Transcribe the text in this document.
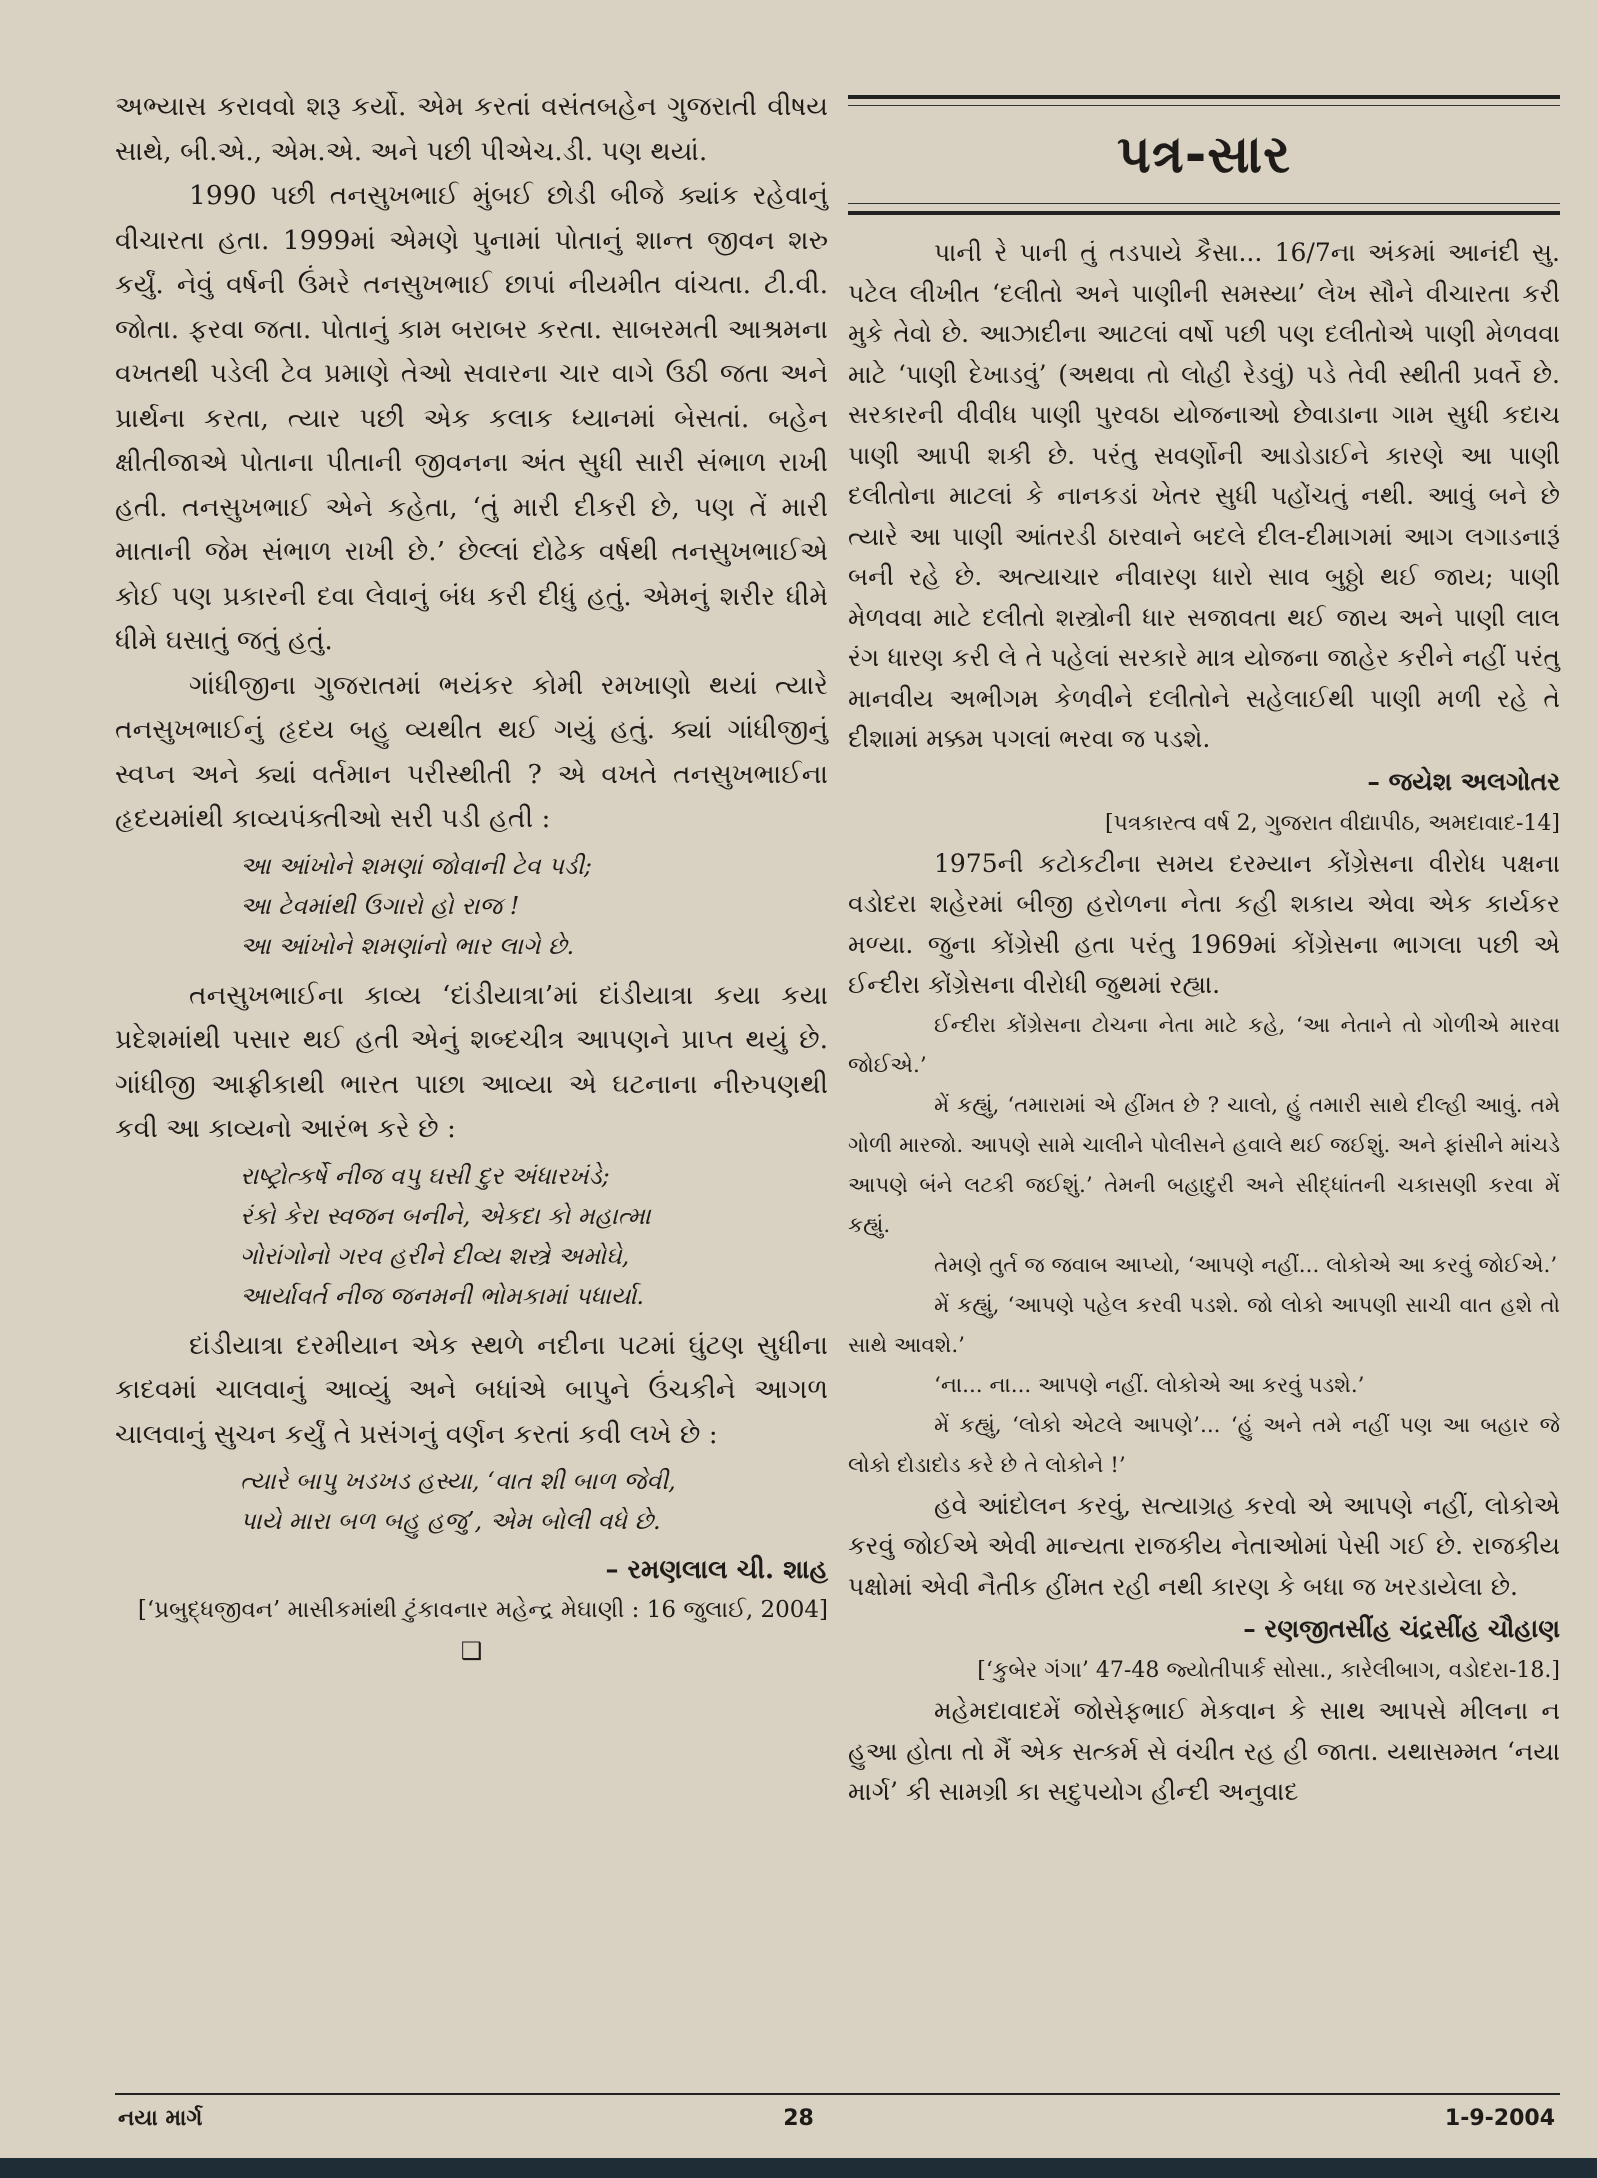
અભ્યાસ કરાવવો શરૂ કર્યો. એમ કરતાં વસંતબહેન ગુજરાતી વીષય સાથે, બી.એ., એમ.એ. અને પછી પીએચ.ડી. પણ થયાં.

1990 પછી તનસુખભાઈ મુંબઈ છોડી બીજે ક્યાંક રહેવાનું વીચારતા હતા. 1999માં એમણે પુનામાં પોતાનું શાન્ત જીવન શરુ કર્યું. નેવું વર્ષની ઉંમરે તનસુખભાઈ છાપાં નીયમીત વાંચતા. ટી.વી. જોતા. ફરવા જતા. પોતાનું કામ બરાબર કરતા. સાબરમતી આશ્રમના વખતથી પડેલી ટેવ પ્રમાણે તેઓ સવારના ચાર વાગે ઉઠી જતા અને પ્રાર્થના કરતા, ત્યાર પછી એક કલાક ધ્યાનમાં બેસતાં. બહેન ક્ષીતીજાએ પોતાના પીતાની જીવનના અંત સુધી સારી સંભાળ રાખી હતી. તનસુખભાઈ એને કહેતા, ‘તું મારી દીકરી છે, પણ તેં મારી માતાની જેમ સંભાળ રાખી છે.’ છેલ્લાં દોઢેક વર્ષથી તનસુખભાઈએ કોઈ પણ પ્રકારની દવા લેવાનું બંધ કરી દીધું હતું. એમનું શરીર ધીમે ધીમે ઘસાતું જતું હતું.

ગાંધીજીના ગુજરાતમાં ભયંકર કોમી રમખાણો થયાં ત્યારે તનસુખભાઈનું હૃદય બહુ વ્યથીત થઈ ગયું હતું. ક્યાં ગાંધીજીનું સ્વપ્ન અને ક્યાં વર્તમાન પરીસ્થીતી ? એ વખતે તનસુખભાઈના હૃદયમાંથી કાવ્યપંક્તીઓ સરી પડી હતી :

આ આંખોને શમણાં જોવાની ટેવ પડી;

આ ટેવમાંથી ઉગારો હો રાજ !

આ આંખોને શમણાંનો ભાર લાગે છે.

તનસુખભાઈના કાવ્ય ‘દાંડીયાત્રા’માં દાંડીયાત્રા કયા કયા પ્રદેશમાંથી પસાર થઈ હતી એનું શબ્દચીત્ર આપણને પ્રાપ્ત થયું છે. ગાંધીજી આફ્રીકાથી ભારત પાછા આવ્યા એ ઘટનાના નીરુપણથી કવી આ કાવ્યનો આરંભ કરે છે :

રાષ્ટ્રોત્કર્ષે નીજ વપુ ઘસી દુર અંધારખંડે;

રંકો કેરા સ્વજન બનીને, એકદા કો મહાત્મા

ગોરાંગોનો ગરવ હરીને દીવ્ય શસ્ત્રે અમોઘે,

આર્યાવર્ત નીજ જનમની ભોમકામાં પધાર્યા.

દાંડીયાત્રા દરમીયાન એક સ્થળે નદીના પટમાં ઘુંટણ સુધીના કાદવમાં ચાલવાનું આવ્યું અને બધાંએ બાપુને ઉંચકીને આગળ ચાલવાનું સુચન કર્યું તે પ્રસંગનું વર્ણન કરતાં કવી લખે છે :

ત્યારે બાપુ ખડખડ હસ્યા, ‘વાત શી બાળ જેવી,

પાયે મારા બળ બહુ હજુ’, એમ બોલી વધે છે.

– રમણલાલ ચી. શાહ

[‘પ્રબુદ્ધજીવન’ માસીકમાંથી ટુંકાવનાર મહેન્દ્ર મેઘાણી : 16 જુલાઈ, 2004]

❑

પત્ર-સાર

પાની રે પાની તું તડપાયે કૈસા... 16/7ના અંકમાં આનંદી સુ. પટેલ લીખીત ‘દલીતો અને પાણીની સમસ્યા’ લેખ સૌને વીચારતા કરી મુકે તેવો છે. આઝાદીના આટલાં વર્ષો પછી પણ દલીતોએ પાણી મેળવવા માટે ‘પાણી દેખાડવું’ (અથવા તો લોહી રેડવું) પડે તેવી સ્થીતી પ્રવર્તે છે. સરકારની વીવીધ પાણી પુરવઠા યોજનાઓ છેવાડાના ગામ સુધી કદાચ પાણી આપી શકી છે. પરંતુ સવર્ણોની આડોડાઈને કારણે આ પાણી દલીતોના માટલાં કે નાનકડાં ખેતર સુધી પહોંચતું નથી. આવું બને છે ત્યારે આ પાણી આંતરડી ઠારવાને બદલે દીલ-દીમાગમાં આગ લગાડનારૂં બની રહે છે. અત્યાચાર નીવારણ ધારો સાવ બુઠ્ઠો થઈ જાય; પાણી મેળવવા માટે દલીતો શસ્ત્રોની ધાર સજાવતા થઈ જાય અને પાણી લાલ રંગ ધારણ કરી લે તે પહેલાં સરકારે માત્ર યોજના જાહેર કરીને નહીં પરંતુ માનવીય અભીગમ કેળવીને દલીતોને સહેલાઈથી પાણી મળી રહે તે દીશામાં મક્કમ પગલાં ભરવા જ પડશે.

– જયેશ અલગોતર

[પત્રકારત્વ વર્ષ 2, ગુજરાત વીદ્યાપીઠ, અમદાવાદ-14]

1975ની કટોકટીના સમય દરમ્યાન કોંગ્રેસના વીરોધ પક્ષના વડોદરા શહેરમાં બીજી હરોળના નેતા કહી શકાય એવા એક કાર્યકર મળ્યા. જુના કોંગ્રેસી હતા પરંતુ 1969માં કોંગ્રેસના ભાગલા પછી એ ઈન્દીરા કોંગ્રેસના વીરોધી જુથમાં રહ્યા.

ઈન્દીરા કોંગ્રેસના ટોચના નેતા માટે કહે, ‘આ નેતાને તો ગોળીએ મારવા જોઈએ.’

મેં કહ્યું, ‘તમારામાં એ હીંમત છે ? ચાલો, હું તમારી સાથે દીલ્હી આવું. તમે ગોળી મારજો. આપણે સામે ચાલીને પોલીસને હવાલે થઈ જઈશું. અને ફાંસીને માંચડે આપણે બંને લટકી જઈશું.’ તેમની બહાદુરી અને સીદ્ધાંતની ચકાસણી કરવા મેં કહ્યું.

તેમણે તુર્ત જ જવાબ આપ્યો, ‘આપણે નહીં... લોકોએ આ કરવું જોઈએ.’

મેં કહ્યું, ‘આપણે પહેલ કરવી પડશે. જો લોકો આપણી સાચી વાત હશે તો સાથે આવશે.’

‘ના... ના... આપણે નહીં. લોકોએ આ કરવું પડશે.’

મેં કહ્યું, ‘લોકો એટલે આપણે’... ‘હું અને તમે નહીં પણ આ બહાર જે લોકો દોડાદોડ કરે છે તે લોકોને !’

હવે આંદોલન કરવું, સત્યાગ્રહ કરવો એ આપણે નહીં, લોકોએ કરવું જોઈએ એવી માન્યતા રાજકીય નેતાઓમાં પેસી ગઈ છે. રાજકીય પક્ષોમાં એવી નૈતીક હીંમત રહી નથી કારણ કે બધા જ ખરડાયેલા છે.

– રણજીતસીંહ ચંદ્રસીંહ ચૌહાણ

[‘કુબેર ગંગા’ 47-48 જ્યોતીપાર્ક સોસા., કારેલીબાગ, વડોદરા-18.]

મહેમદાવાદમેં જોસેફભાઈ મેકવાન કે સાથ આપસે મીલના ન હુઆ હોતા તો મૈં એક સત્કર્મ સે વંચીત રહ હી જાતા. યથાસમ્મત ‘નયા માર્ગ’ કી સામગ્રી કા સદુપયોગ હીન્દી અનુવાદ

નયા માર્ગ	28	1-9-2004
